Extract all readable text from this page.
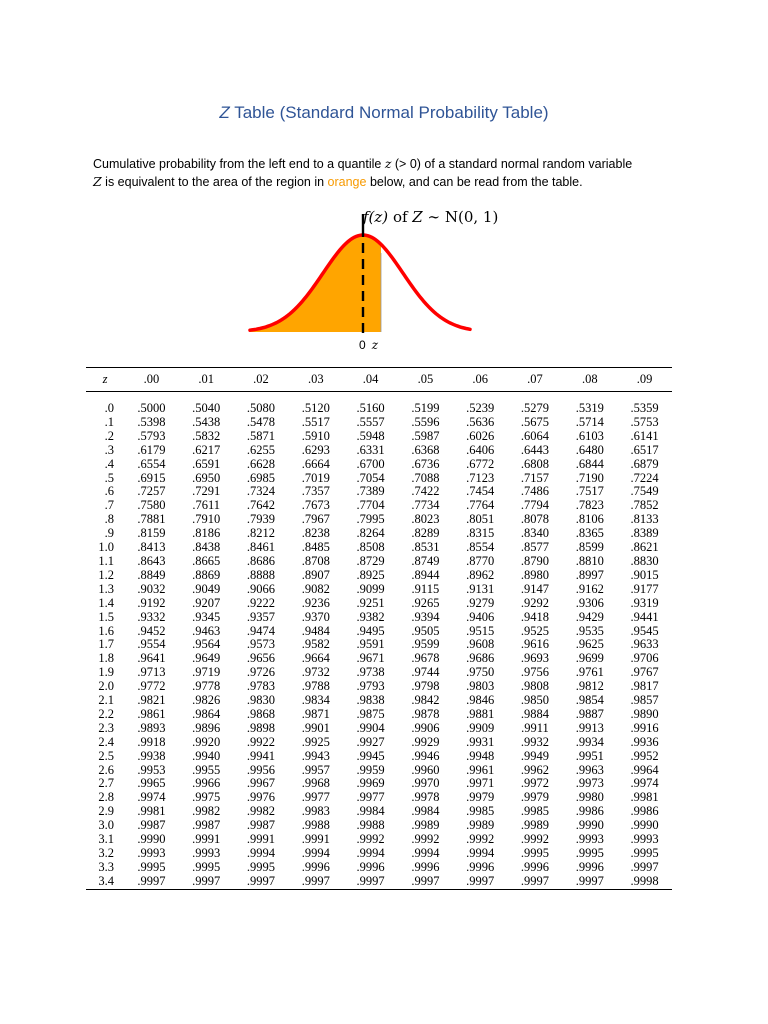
Z Table (Standard Normal Probability Table)
Cumulative probability from the left end to a quantile z (> 0) of a standard normal random variable
Z is equivalent to the area of the region in orange below, and can be read from the table.
f(z) of Z ∼ N(0, 1)
0 z
z	.00	.01	.02	.03	.04	.05	.06	.07	.08	.09
.0	.5000	.5040	.5080	.5120	.5160	.5199	.5239	.5279	.5319	.5359
.1	.5398	.5438	.5478	.5517	.5557	.5596	.5636	.5675	.5714	.5753
.2	.5793	.5832	.5871	.5910	.5948	.5987	.6026	.6064	.6103	.6141
.3	.6179	.6217	.6255	.6293	.6331	.6368	.6406	.6443	.6480	.6517
.4	.6554	.6591	.6628	.6664	.6700	.6736	.6772	.6808	.6844	.6879
.5	.6915	.6950	.6985	.7019	.7054	.7088	.7123	.7157	.7190	.7224
.6	.7257	.7291	.7324	.7357	.7389	.7422	.7454	.7486	.7517	.7549
.7	.7580	.7611	.7642	.7673	.7704	.7734	.7764	.7794	.7823	.7852
.8	.7881	.7910	.7939	.7967	.7995	.8023	.8051	.8078	.8106	.8133
.9	.8159	.8186	.8212	.8238	.8264	.8289	.8315	.8340	.8365	.8389
1.0	.8413	.8438	.8461	.8485	.8508	.8531	.8554	.8577	.8599	.8621
1.1	.8643	.8665	.8686	.8708	.8729	.8749	.8770	.8790	.8810	.8830
1.2	.8849	.8869	.8888	.8907	.8925	.8944	.8962	.8980	.8997	.9015
1.3	.9032	.9049	.9066	.9082	.9099	.9115	.9131	.9147	.9162	.9177
1.4	.9192	.9207	.9222	.9236	.9251	.9265	.9279	.9292	.9306	.9319
1.5	.9332	.9345	.9357	.9370	.9382	.9394	.9406	.9418	.9429	.9441
1.6	.9452	.9463	.9474	.9484	.9495	.9505	.9515	.9525	.9535	.9545
1.7	.9554	.9564	.9573	.9582	.9591	.9599	.9608	.9616	.9625	.9633
1.8	.9641	.9649	.9656	.9664	.9671	.9678	.9686	.9693	.9699	.9706
1.9	.9713	.9719	.9726	.9732	.9738	.9744	.9750	.9756	.9761	.9767
2.0	.9772	.9778	.9783	.9788	.9793	.9798	.9803	.9808	.9812	.9817
2.1	.9821	.9826	.9830	.9834	.9838	.9842	.9846	.9850	.9854	.9857
2.2	.9861	.9864	.9868	.9871	.9875	.9878	.9881	.9884	.9887	.9890
2.3	.9893	.9896	.9898	.9901	.9904	.9906	.9909	.9911	.9913	.9916
2.4	.9918	.9920	.9922	.9925	.9927	.9929	.9931	.9932	.9934	.9936
2.5	.9938	.9940	.9941	.9943	.9945	.9946	.9948	.9949	.9951	.9952
2.6	.9953	.9955	.9956	.9957	.9959	.9960	.9961	.9962	.9963	.9964
2.7	.9965	.9966	.9967	.9968	.9969	.9970	.9971	.9972	.9973	.9974
2.8	.9974	.9975	.9976	.9977	.9977	.9978	.9979	.9979	.9980	.9981
2.9	.9981	.9982	.9982	.9983	.9984	.9984	.9985	.9985	.9986	.9986
3.0	.9987	.9987	.9987	.9988	.9988	.9989	.9989	.9989	.9990	.9990
3.1	.9990	.9991	.9991	.9991	.9992	.9992	.9992	.9992	.9993	.9993
3.2	.9993	.9993	.9994	.9994	.9994	.9994	.9994	.9995	.9995	.9995
3.3	.9995	.9995	.9995	.9996	.9996	.9996	.9996	.9996	.9996	.9997
3.4	.9997	.9997	.9997	.9997	.9997	.9997	.9997	.9997	.9997	.9998
